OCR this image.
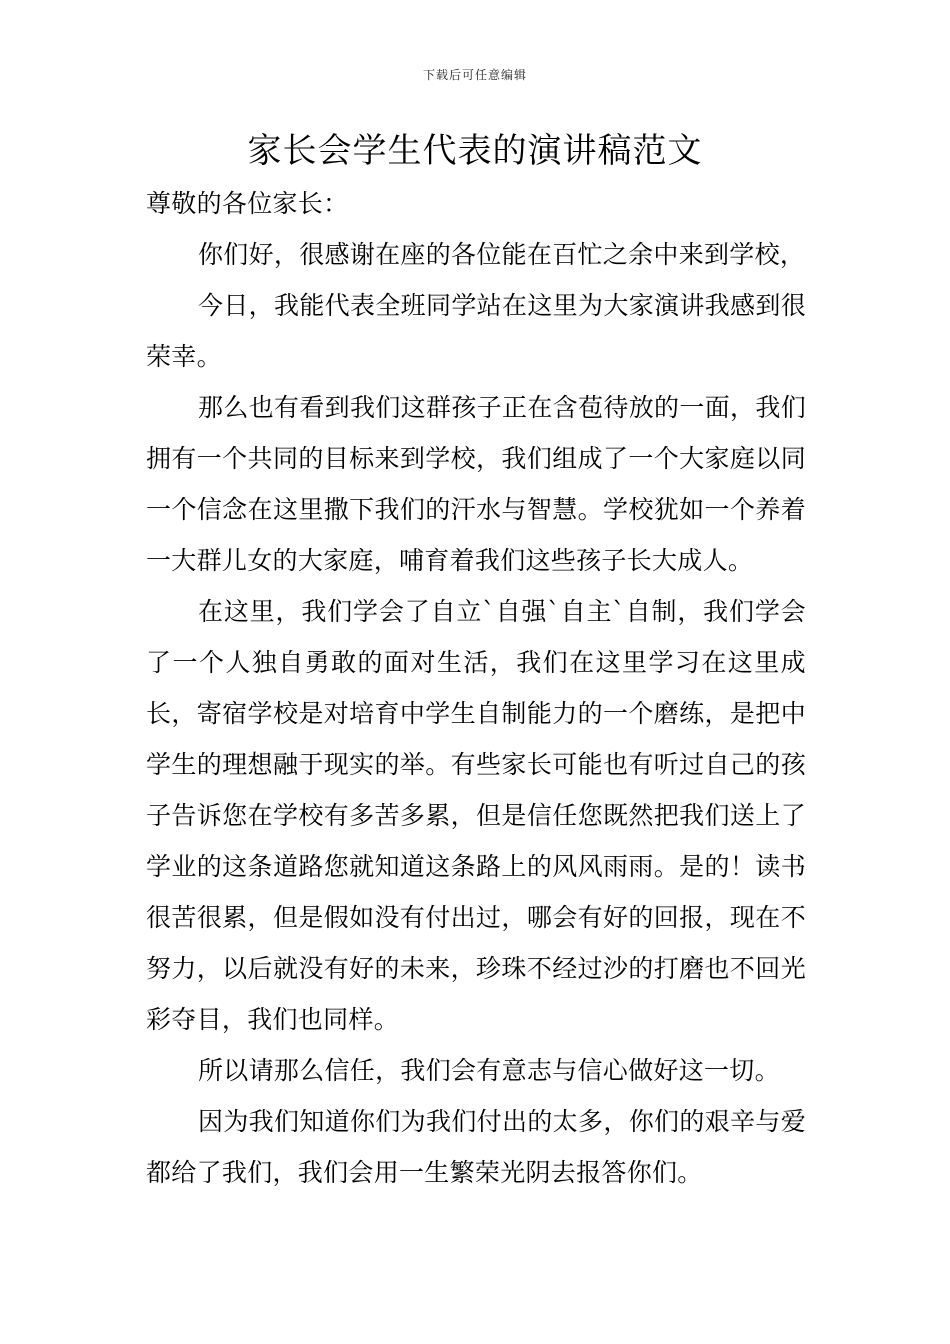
下载后可任意编辑
家长会学生代表的演讲稿范文

尊敬的各位家长：

你们好，很感谢在座的各位能在百忙之余中来到学校，

今日，我能代表全班同学站在这里为大家演讲我感到很荣幸。

那么也有看到我们这群孩子正在含苞待放的一面，我们拥有一个共同的目标来到学校，我们组成了一个大家庭以同一个信念在这里撒下我们的汗水与智慧。学校犹如一个养着一大群儿女的大家庭，哺育着我们这些孩子长大成人。

在这里，我们学会了自立`自强`自主`自制，我们学会了一个人独自勇敢的面对生活，我们在这里学习在这里成长，寄宿学校是对培育中学生自制能力的一个磨练，是把中学生的理想融于现实的举。有些家长可能也有听过自己的孩子告诉您在学校有多苦多累，但是信任您既然把我们送上了学业的这条道路您就知道这条路上的风风雨雨。是的！读书很苦很累，但是假如没有付出过，哪会有好的回报，现在不努力，以后就没有好的未来，珍珠不经过沙的打磨也不回光彩夺目，我们也同样。

所以请那么信任，我们会有意志与信心做好这一切。

因为我们知道你们为我们付出的太多，你们的艰辛与爱都给了我们，我们会用一生繁荣光阴去报答你们。
